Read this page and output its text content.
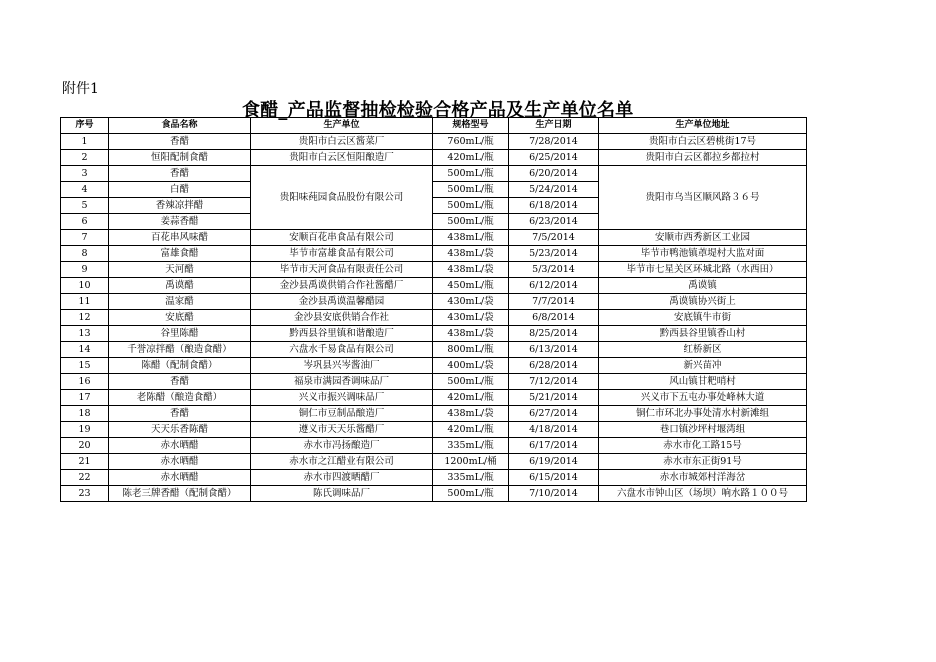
附件1
食醋_产品监督抽检检验合格产品及生产单位名单
序号	食品名称	生产单位	规格型号	生产日期	生产单位地址
1	香醋	贵阳市白云区酱菜厂	760mL/瓶	7/28/2014	贵阳市白云区碧桃街17号
2	恒阳配制食醋	贵阳市白云区恒阳酿造厂	420mL/瓶	6/25/2014	贵阳市白云区都拉乡都拉村
3	香醋	贵阳味莼园食品股份有限公司	500mL/瓶	6/20/2014	贵阳市乌当区顺风路３６号
4	白醋		500mL/瓶	5/24/2014	
5	香辣凉拌醋		500mL/瓶	6/18/2014	
6	姜蒜香醋		500mL/瓶	6/23/2014	
7	百花串风味醋	安顺百花串食品有限公司	438mL/瓶	7/5/2014	安顺市西秀新区工业园
8	富雄食醋	毕节市富雄食品有限公司	438mL/袋	5/23/2014	毕节市鸭池镇䓬堤村大监对面
9	天河醋	毕节市天河食品有限责任公司	438mL/袋	5/3/2014	毕节市七星关区环城北路（水西田）
10	禹谟醋	金沙县禹谟供销合作社酱醋厂	450mL/瓶	6/12/2014	禹谟镇
11	温家醋	金沙县禹谟温馨醋园	430mL/袋	7/7/2014	禹谟镇协兴街上
12	安底醋	金沙县安底供销合作社	430mL/袋	6/8/2014	安底镇牛市街
13	谷里陈醋	黔西县谷里镇和谐酿造厂	438mL/袋	8/25/2014	黔西县谷里镇香山村
14	千誉凉拌醋（酿造食醋）	六盘水千易食品有限公司	800mL/瓶	6/13/2014	红桥新区
15	陈醋（配制食醋）	岑巩县兴岑酱油厂	400mL/袋	6/28/2014	新兴苗冲
16	香醋	福泉市满园香调味品厂	500mL/瓶	7/12/2014	风山镇甘粑哨村
17	老陈醋（酿造食醋）	兴义市振兴调味品厂	420mL/瓶	5/21/2014	兴义市下五屯办事处峰林大道
18	香醋	铜仁市豆制品酿造厂	438mL/袋	6/27/2014	铜仁市环北办事处清水村新滩组
19	天天乐香陈醋	遵义市天天乐酱醋厂	420mL/瓶	4/18/2014	巷口镇沙坪村堰湾组
20	赤水晒醋	赤水市冯扬酿造厂	335mL/瓶	6/17/2014	赤水市化工路15号
21	赤水晒醋	赤水市之江醋业有限公司	1200mL/桶	6/19/2014	赤水市东正街91号
22	赤水晒醋	赤水市四渡晒醋厂	335mL/瓶	6/15/2014	赤水市城郊村洋海岔
23	陈老三牌香醋（配制食醋）	陈氏调味品厂	500mL/瓶	7/10/2014	六盘水市钟山区（场坝）响水路１００号
